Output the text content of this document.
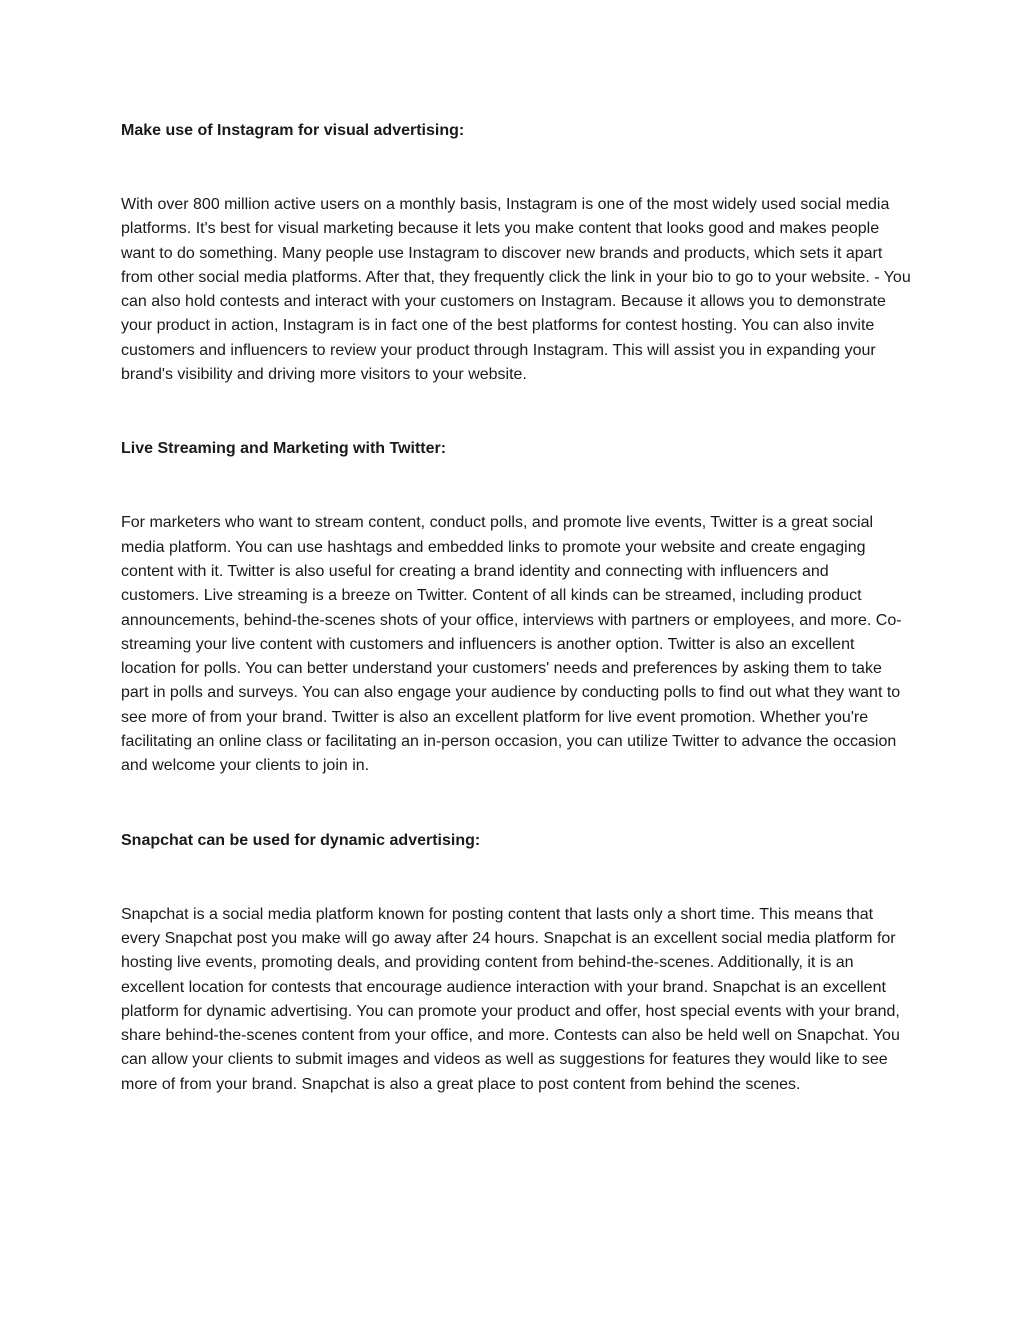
Make use of Instagram for visual advertising:

With over 800 million active users on a monthly basis, Instagram is one of the most widely used social media platforms. It's best for visual marketing because it lets you make content that looks good and makes people want to do something. Many people use Instagram to discover new brands and products, which sets it apart from other social media platforms. After that, they frequently click the link in your bio to go to your website. - You can also hold contests and interact with your customers on Instagram. Because it allows you to demonstrate your product in action, Instagram is in fact one of the best platforms for contest hosting. You can also invite customers and influencers to review your product through Instagram. This will assist you in expanding your brand's visibility and driving more visitors to your website.

Live Streaming and Marketing with Twitter:

For marketers who want to stream content, conduct polls, and promote live events, Twitter is a great social media platform. You can use hashtags and embedded links to promote your website and create engaging content with it. Twitter is also useful for creating a brand identity and connecting with influencers and customers. Live streaming is a breeze on Twitter. Content of all kinds can be streamed, including product announcements, behind-the-scenes shots of your office, interviews with partners or employees, and more. Co-streaming your live content with customers and influencers is another option. Twitter is also an excellent location for polls. You can better understand your customers' needs and preferences by asking them to take part in polls and surveys. You can also engage your audience by conducting polls to find out what they want to see more of from your brand. Twitter is also an excellent platform for live event promotion. Whether you're facilitating an online class or facilitating an in-person occasion, you can utilize Twitter to advance the occasion and welcome your clients to join in.

Snapchat can be used for dynamic advertising:

Snapchat is a social media platform known for posting content that lasts only a short time. This means that every Snapchat post you make will go away after 24 hours. Snapchat is an excellent social media platform for hosting live events, promoting deals, and providing content from behind-the-scenes. Additionally, it is an excellent location for contests that encourage audience interaction with your brand. Snapchat is an excellent platform for dynamic advertising. You can promote your product and offer, host special events with your brand, share behind-the-scenes content from your office, and more. Contests can also be held well on Snapchat. You can allow your clients to submit images and videos as well as suggestions for features they would like to see more of from your brand. Snapchat is also a great place to post content from behind the scenes.
